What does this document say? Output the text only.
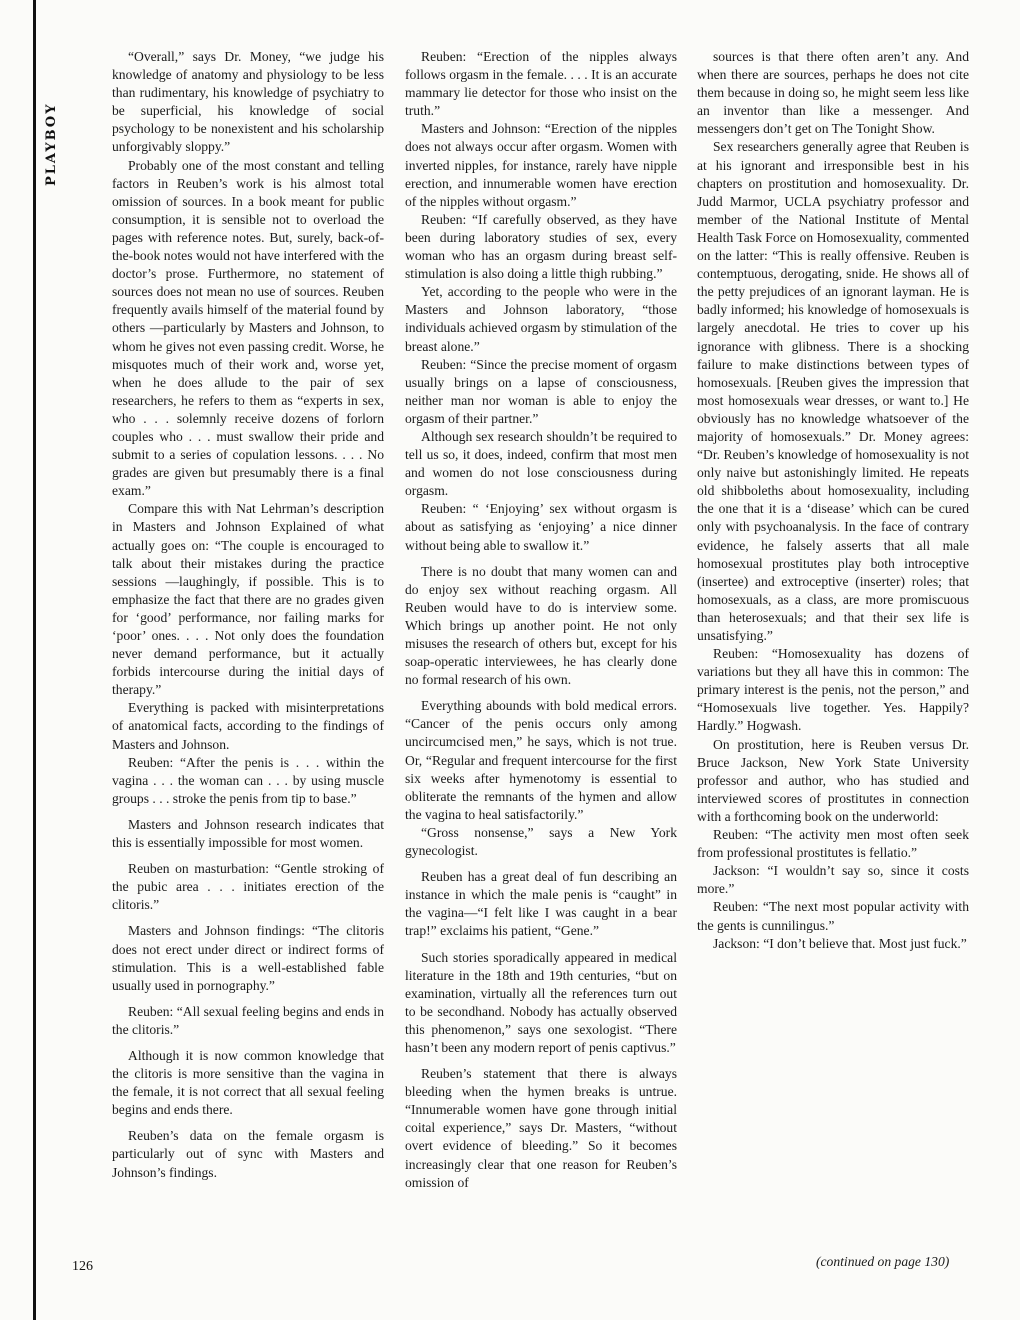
PLAYBOY

“Overall,” says Dr. Money, “we judge his knowledge of anatomy and physiology to be less than rudimentary, his knowledge of psychiatry to be superficial, his knowledge of social psychology to be nonexistent and his scholarship unforgivably sloppy.”

Probably one of the most constant and telling factors in Reuben’s work is his almost total omission of sources. In a book meant for public consumption, it is sensible not to overload the pages with reference notes. But, surely, back-of-the-book notes would not have interfered with the doctor’s prose. Furthermore, no statement of sources does not mean no use of sources. Reuben frequently avails himself of the material found by others —particularly by Masters and Johnson, to whom he gives not even passing credit. Worse, he misquotes much of their work and, worse yet, when he does allude to the pair of sex researchers, he refers to them as “experts in sex, who . . . solemnly receive dozens of forlorn couples who . . . must swallow their pride and submit to a series of copulation lessons. . . . No grades are given but presumably there is a final exam.”

Compare this with Nat Lehrman’s description in Masters and Johnson Explained of what actually goes on: “The couple is encouraged to talk about their mistakes during the practice sessions —laughingly, if possible. This is to emphasize the fact that there are no grades given for ‘good’ performance, nor failing marks for ‘poor’ ones. . . . Not only does the foundation never demand performance, but it actually forbids intercourse during the initial days of therapy.”

Everything is packed with misinterpretations of anatomical facts, according to the findings of Masters and Johnson.

Reuben: “After the penis is . . . within the vagina . . . the woman can . . . by using muscle groups . . . stroke the penis from tip to base.”

Masters and Johnson research indicates that this is essentially impossible for most women.

Reuben on masturbation: “Gentle stroking of the pubic area . . . initiates erection of the clitoris.”

Masters and Johnson findings: “The clitoris does not erect under direct or indirect forms of stimulation. This is a well-established fable usually used in pornography.”

Reuben: “All sexual feeling begins and ends in the clitoris.”

Although it is now common knowledge that the clitoris is more sensitive than the vagina in the female, it is not correct that all sexual feeling begins and ends there.

Reuben’s data on the female orgasm is particularly out of sync with Masters and Johnson’s findings.

Reuben: “Erection of the nipples always follows orgasm in the female. . . . It is an accurate mammary lie detector for those who insist on the truth.”

Masters and Johnson: “Erection of the nipples does not always occur after orgasm. Women with inverted nipples, for instance, rarely have nipple erection, and innumerable women have erection of the nipples without orgasm.”

Reuben: “If carefully observed, as they have been during laboratory studies of sex, every woman who has an orgasm during breast self-stimulation is also doing a little thigh rubbing.”

Yet, according to the people who were in the Masters and Johnson laboratory, “those individuals achieved orgasm by stimulation of the breast alone.”

Reuben: “Since the precise moment of orgasm usually brings on a lapse of consciousness, neither man nor woman is able to enjoy the orgasm of their partner.”

Although sex research shouldn’t be required to tell us so, it does, indeed, confirm that most men and women do not lose consciousness during orgasm.

Reuben: “ ‘Enjoying’ sex without orgasm is about as satisfying as ‘enjoying’ a nice dinner without being able to swallow it.”

There is no doubt that many women can and do enjoy sex without reaching orgasm. All Reuben would have to do is interview some. Which brings up another point. He not only misuses the research of others but, except for his soap-operatic interviewees, he has clearly done no formal research of his own.

Everything abounds with bold medical errors. “Cancer of the penis occurs only among uncircumcised men,” he says, which is not true. Or, “Regular and frequent intercourse for the first six weeks after hymenotomy is essential to obliterate the remnants of the hymen and allow the vagina to heal satisfactorily.”

“Gross nonsense,” says a New York gynecologist.

Reuben has a great deal of fun describing an instance in which the male penis is “caught” in the vagina—“I felt like I was caught in a bear trap!” exclaims his patient, “Gene.”

Such stories sporadically appeared in medical literature in the 18th and 19th centuries, “but on examination, virtually all the references turn out to be secondhand. Nobody has actually observed this phenomenon,” says one sexologist. “There hasn’t been any modern report of penis captivus.”

Reuben’s statement that there is always bleeding when the hymen breaks is untrue. “Innumerable women have gone through initial coital experience,” says Dr. Masters, “without overt evidence of bleeding.” So it becomes increasingly clear that one reason for Reuben’s omission of

sources is that there often aren’t any. And when there are sources, perhaps he does not cite them because in doing so, he might seem less like an inventor than like a messenger. And messengers don’t get on The Tonight Show.

Sex researchers generally agree that Reuben is at his ignorant and irresponsible best in his chapters on prostitution and homosexuality. Dr. Judd Marmor, UCLA psychiatry professor and member of the National Institute of Mental Health Task Force on Homosexuality, commented on the latter: “This is really offensive. Reuben is contemptuous, derogating, snide. He shows all of the petty prejudices of an ignorant layman. He is badly informed; his knowledge of homosexuals is largely anecdotal. He tries to cover up his ignorance with glibness. There is a shocking failure to make distinctions between types of homosexuals. [Reuben gives the impression that most homosexuals wear dresses, or want to.] He obviously has no knowledge whatsoever of the majority of homosexuals.” Dr. Money agrees: “Dr. Reuben’s knowledge of homosexuality is not only naive but astonishingly limited. He repeats old shibboleths about homosexuality, including the one that it is a ‘disease’ which can be cured only with psychoanalysis. In the face of contrary evidence, he falsely asserts that all male homosexual prostitutes play both introceptive (insertee) and extroceptive (inserter) roles; that homosexuals, as a class, are more promiscuous than heterosexuals; and that their sex life is unsatisfying.”

Reuben: “Homosexuality has dozens of variations but they all have this in common: The primary interest is the penis, not the person,” and “Homosexuals live together. Yes. Happily? Hardly.” Hogwash.

On prostitution, here is Reuben versus Dr. Bruce Jackson, New York State University professor and author, who has studied and interviewed scores of prostitutes in connection with a forthcoming book on the underworld:

Reuben: “The activity men most often seek from professional prostitutes is fellatio.”

Jackson: “I wouldn’t say so, since it costs more.”

Reuben: “The next most popular activity with the gents is cunnilingus.”

Jackson: “I don’t believe that. Most just fuck.”

126	(continued on page 130)
